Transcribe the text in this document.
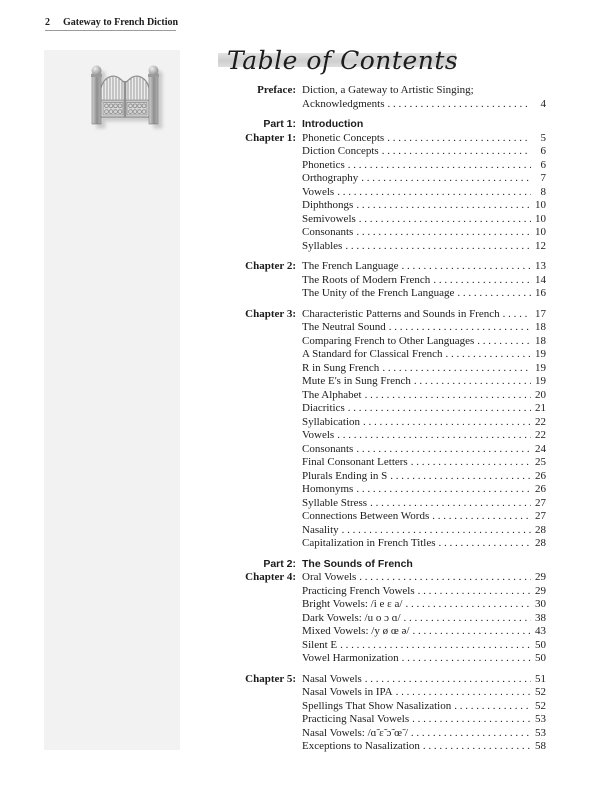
2 Gateway to French Diction
Table of Contents
Preface: Diction, a Gateway to Artistic Singing;
Acknowledgments . . .	4
Part 1: Introduction
Chapter 1: Phonetic Concepts . . .	5
Diction Concepts . . .	6
Phonetics . . .	6
Orthography . . .	7
Vowels . . .	8
Diphthongs . . .	10
Semivowels . . .	10
Consonants . . .	10
Syllables . . .	12
Chapter 2: The French Language . . .	13
The Roots of Modern French . . .	14
The Unity of the French Language . . .	16
Chapter 3: Characteristic Patterns and Sounds in French . . .	17
The Neutral Sound . . .	18
Comparing French to Other Languages . . .	18
A Standard for Classical French . . .	19
R in Sung French . . .	19
Mute E's in Sung French . . .	19
The Alphabet . . .	20
Diacritics . . .	21
Syllabication . . .	22
Vowels . . .	22
Consonants . . .	24
Final Consonant Letters . . .	25
Plurals Ending in S . . .	26
Homonyms . . .	26
Syllable Stress . . .	27
Connections Between Words . . .	27
Nasality . . .	28
Capitalization in French Titles . . .	28
Part 2: The Sounds of French
Chapter 4: Oral Vowels . . .	29
Practicing French Vowels . . .	29
Bright Vowels: /i e ɛ a/ . . .	30
Dark Vowels: /u o ɔ ɑ/ . . .	38
Mixed Vowels: /y ø œ ə/ . . .	43
Silent E . . .	50
Vowel Harmonization . . .	50
Chapter 5: Nasal Vowels . . .	51
Nasal Vowels in IPA . . .	52
Spellings That Show Nasalization . . .	52
Practicing Nasal Vowels . . .	53
Nasal Vowels: /ɑ̃ ɛ̃ ɔ̃ œ̃ / . . .	53
Exceptions to Nasalization . . .	58
